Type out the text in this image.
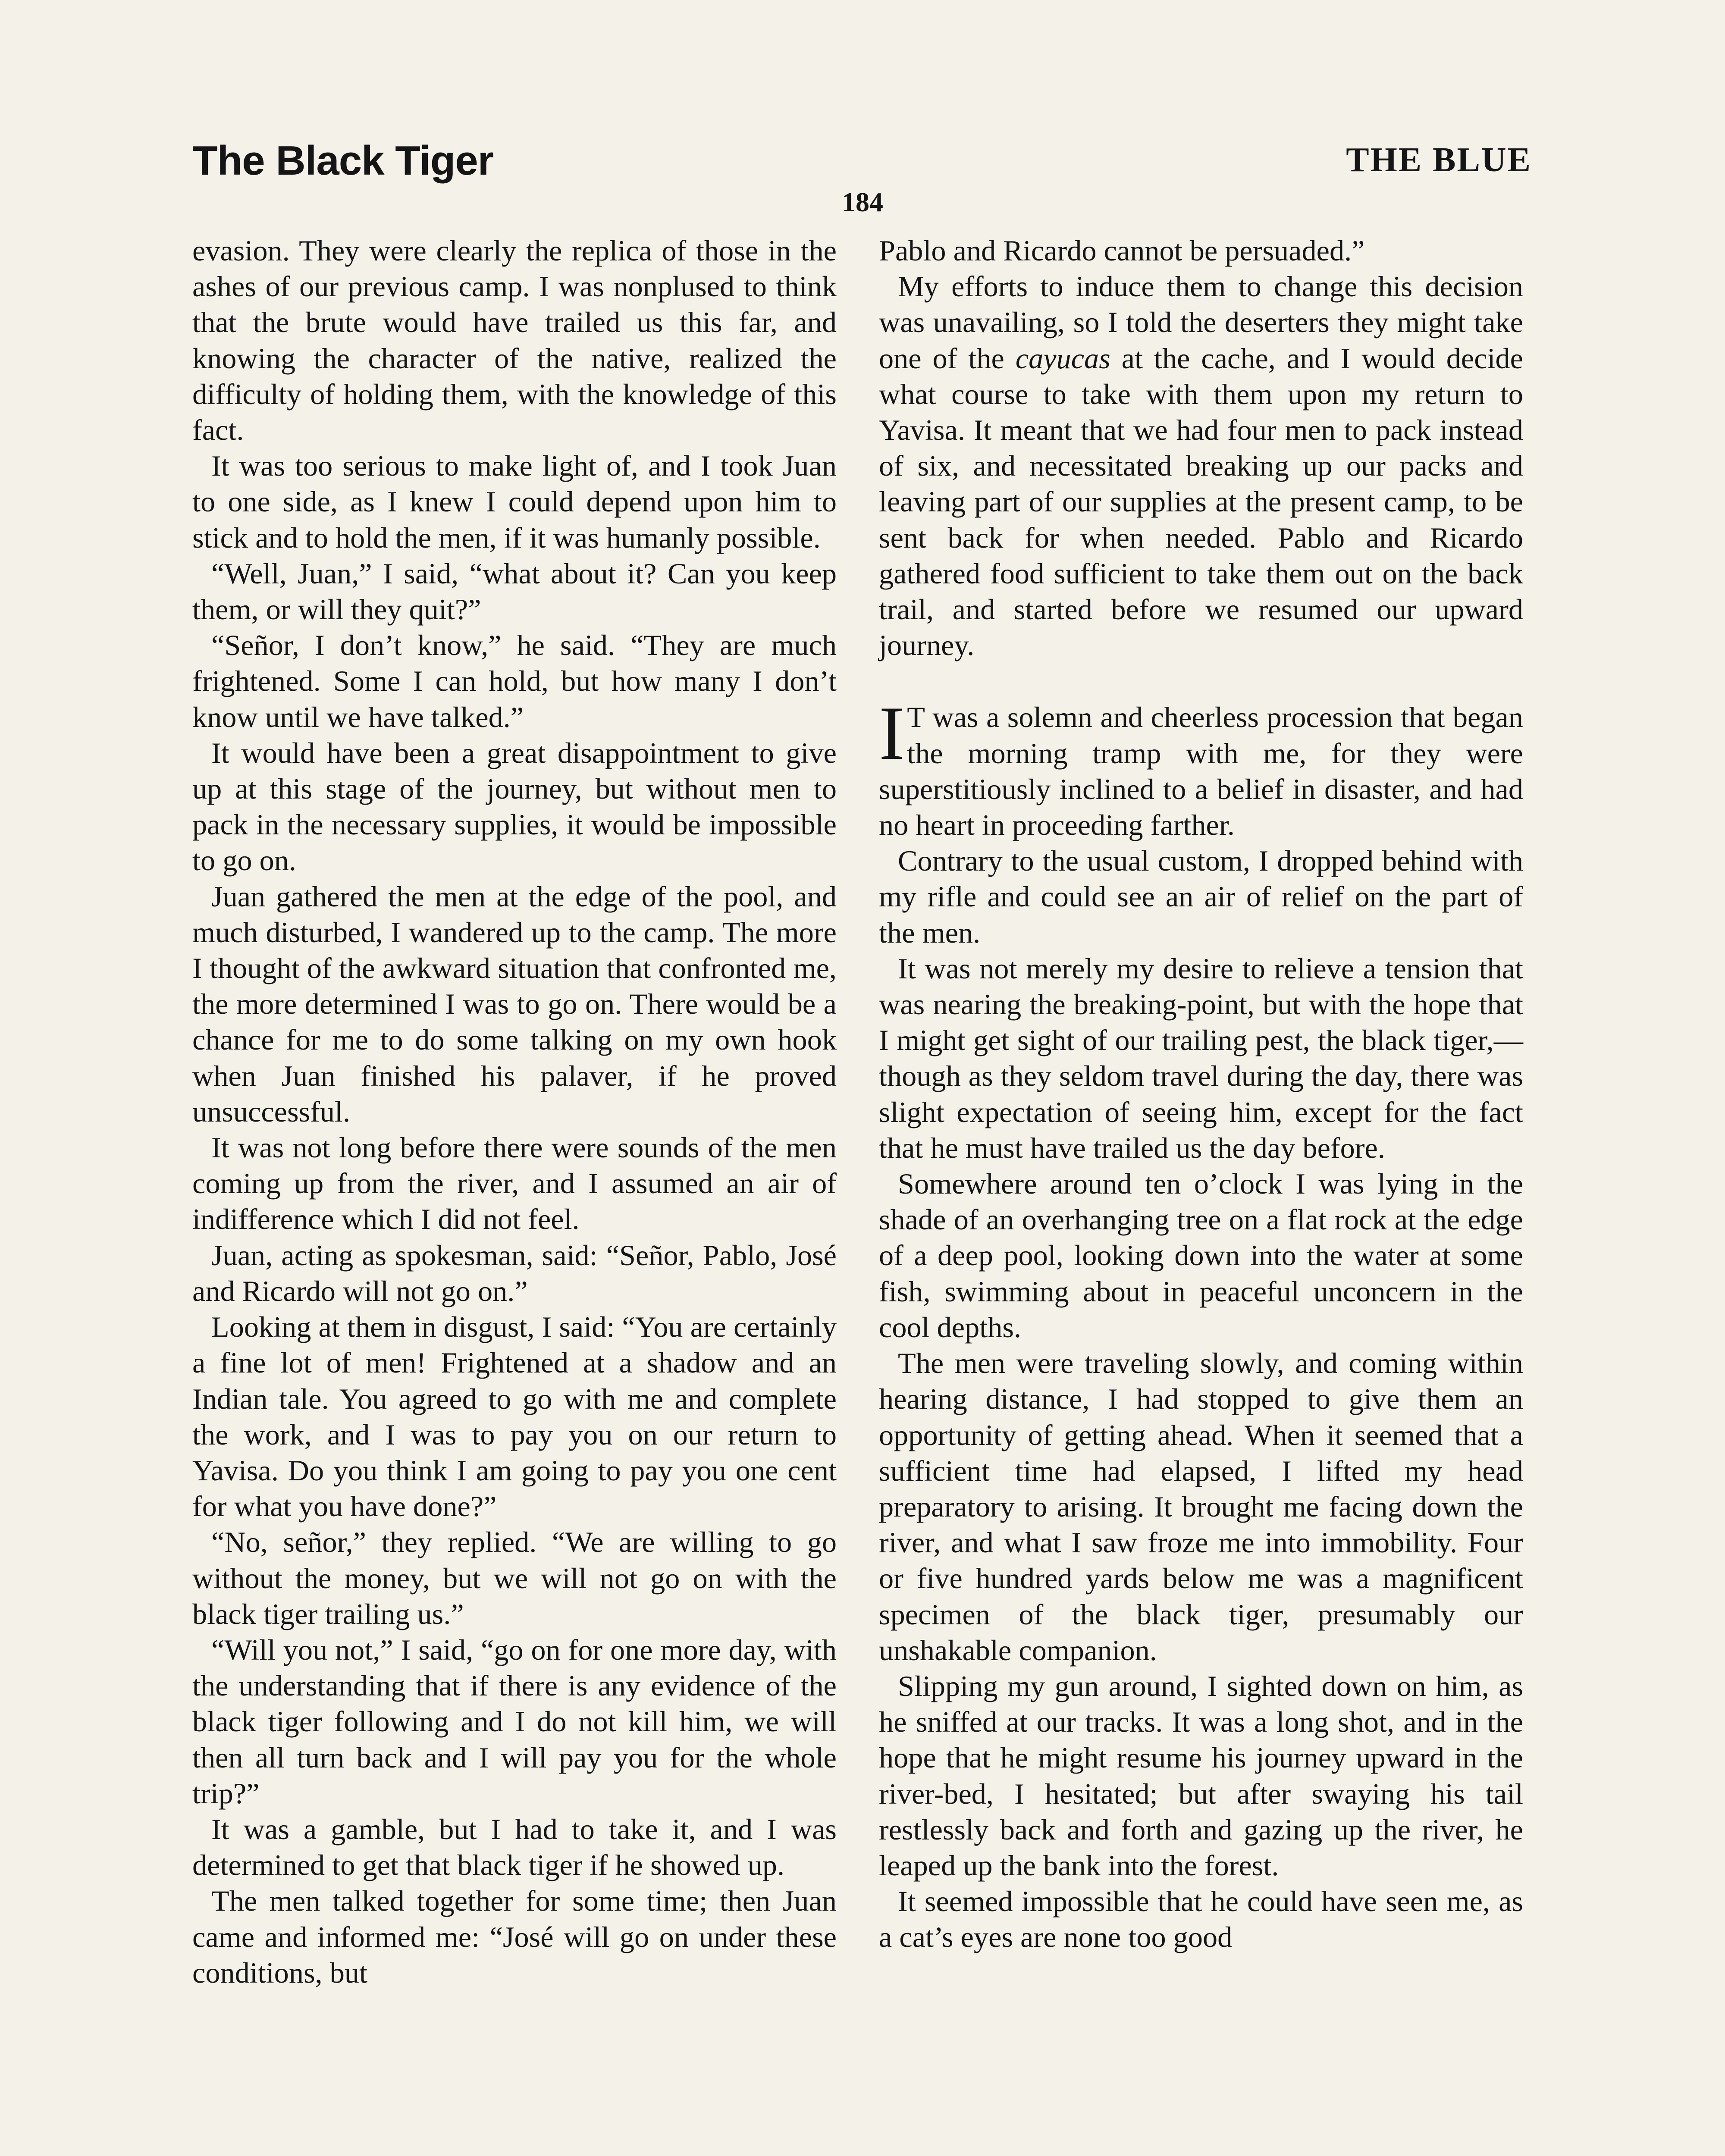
The Black Tiger	THE BLUE
184

evasion. They were clearly the replica of those in the ashes of our previous camp. I was nonplused to think that the brute would have trailed us this far, and knowing the character of the native, realized the difficulty of holding them, with the knowledge of this fact.

It was too serious to make light of, and I took Juan to one side, as I knew I could depend upon him to stick and to hold the men, if it was humanly possible.

“Well, Juan,” I said, “what about it? Can you keep them, or will they quit?”

“Señor, I don’t know,” he said. “They are much frightened. Some I can hold, but how many I don’t know until we have talked.”

It would have been a great disappointment to give up at this stage of the journey, but without men to pack in the necessary supplies, it would be impossible to go on.

Juan gathered the men at the edge of the pool, and much disturbed, I wandered up to the camp. The more I thought of the awkward situation that confronted me, the more determined I was to go on. There would be a chance for me to do some talking on my own hook when Juan finished his palaver, if he proved unsuccessful.

It was not long before there were sounds of the men coming up from the river, and I assumed an air of indifference which I did not feel.

Juan, acting as spokesman, said: “Señor, Pablo, José and Ricardo will not go on.”

Looking at them in disgust, I said: “You are certainly a fine lot of men! Frightened at a shadow and an Indian tale. You agreed to go with me and complete the work, and I was to pay you on our return to Yavisa. Do you think I am going to pay you one cent for what you have done?”

“No, señor,” they replied. “We are willing to go without the money, but we will not go on with the black tiger trailing us.”

“Will you not,” I said, “go on for one more day, with the understanding that if there is any evidence of the black tiger following and I do not kill him, we will then all turn back and I will pay you for the whole trip?”

It was a gamble, but I had to take it, and I was determined to get that black tiger if he showed up.

The men talked together for some time; then Juan came and informed me: “José will go on under these conditions, but

Pablo and Ricardo cannot be persuaded.”

My efforts to induce them to change this decision was unavailing, so I told the deserters they might take one of the cayucas at the cache, and I would decide what course to take with them upon my return to Yavisa. It meant that we had four men to pack instead of six, and necessitated breaking up our packs and leaving part of our supplies at the present camp, to be sent back for when needed. Pablo and Ricardo gathered food sufficient to take them out on the back trail, and started before we resumed our upward journey.

I T was a solemn and cheerless procession that began the morning tramp with me, for they were superstitiously inclined to a belief in disaster, and had no heart in proceeding farther.

Contrary to the usual custom, I dropped behind with my rifle and could see an air of relief on the part of the men.

It was not merely my desire to relieve a tension that was nearing the breaking-point, but with the hope that I might get sight of our trailing pest, the black tiger,— though as they seldom travel during the day, there was slight expectation of seeing him, except for the fact that he must have trailed us the day before.

Somewhere around ten o’clock I was lying in the shade of an overhanging tree on a flat rock at the edge of a deep pool, looking down into the water at some fish, swimming about in peaceful unconcern in the cool depths.

The men were traveling slowly, and coming within hearing distance, I had stopped to give them an opportunity of getting ahead. When it seemed that a sufficient time had elapsed, I lifted my head preparatory to arising. It brought me facing down the river, and what I saw froze me into immobility. Four or five hundred yards below me was a magnificent specimen of the black tiger, presumably our unshakable companion.

Slipping my gun around, I sighted down on him, as he sniffed at our tracks. It was a long shot, and in the hope that he might resume his journey upward in the river-bed, I hesitated; but after swaying his tail restlessly back and forth and gazing up the river, he leaped up the bank into the forest.

It seemed impossible that he could have seen me, as a cat’s eyes are none too good
